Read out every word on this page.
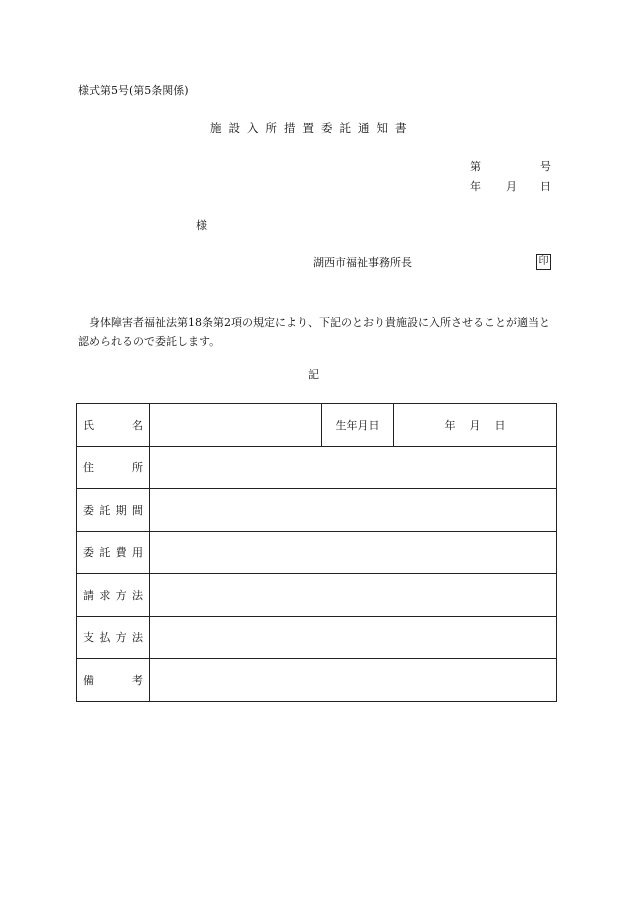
様式第5号(第5条関係)
施設入所措置委託通知書
第	号
年 月 日
様
湖西市福祉事務所長	印
身体障害者福祉法第18条第2項の規定により、下記のとおり貴施設に入所させることが適当と認められるので委託します。
記
氏 名		生年月日	年 月 日

住 所			

委 託 期 間			

委 託 費 用			

請 求 方 法			

支 払 方 法			

備 考			
